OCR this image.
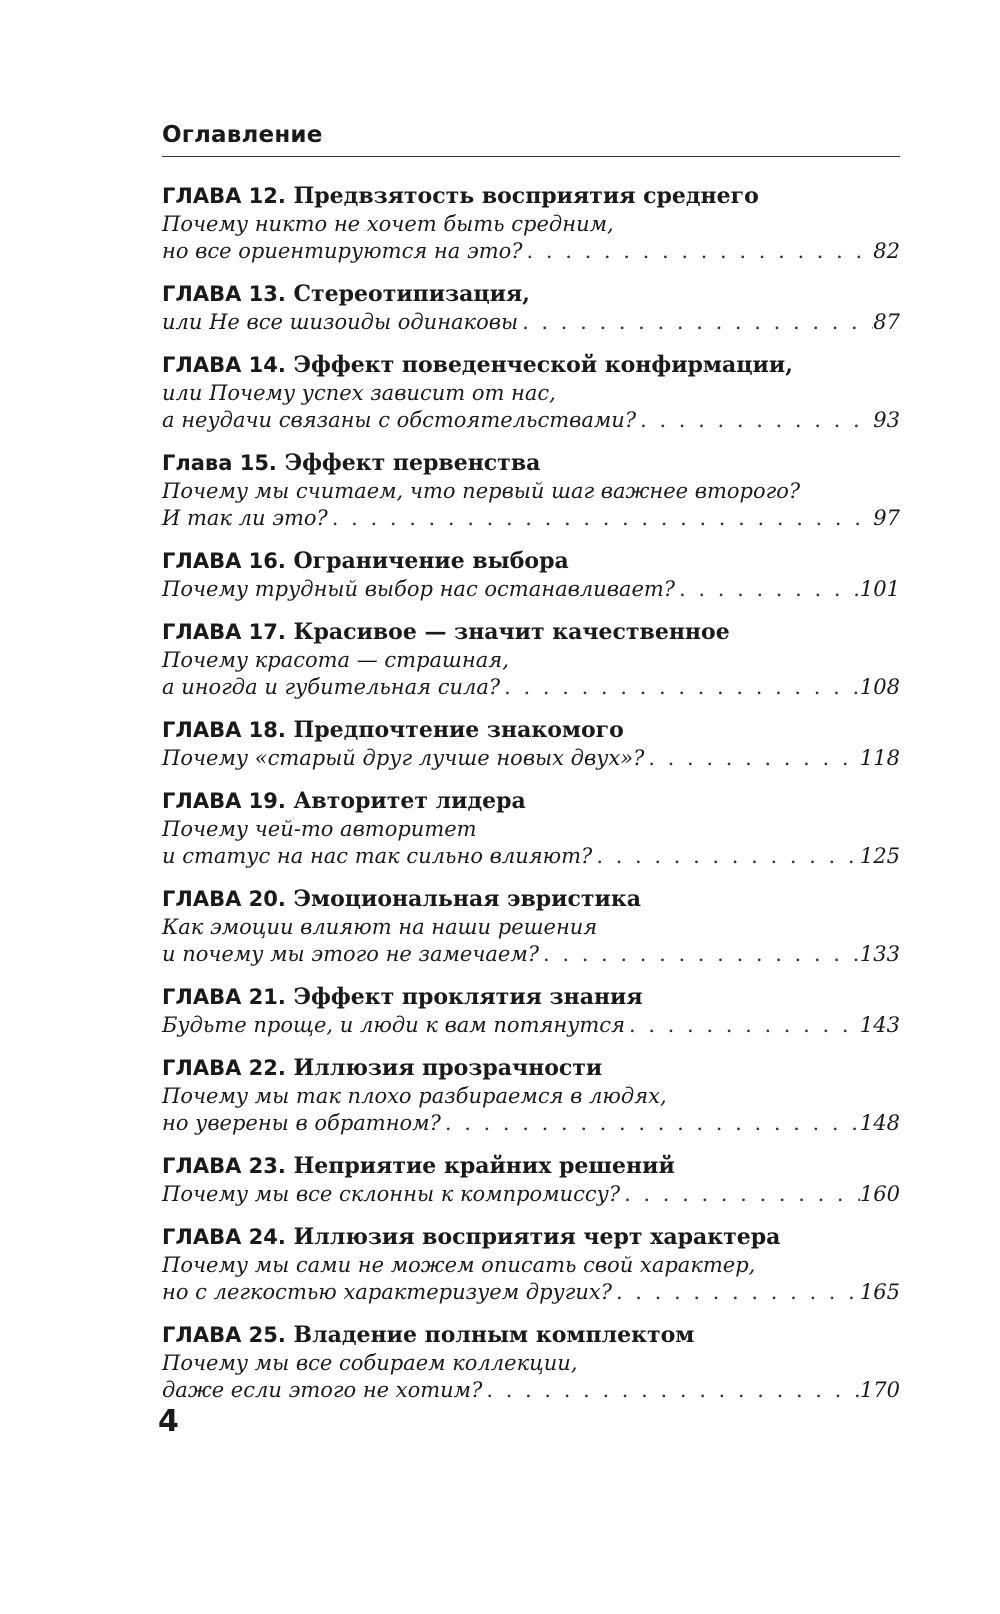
Оглавление
ГЛАВА 12. Предвзятость восприятия среднего
Почему никто не хочет быть средним,
но все ориентируются на это? . . .	82
ГЛАВА 13. Стереотипизация,
или Не все шизоиды одинаковы . . .	87
ГЛАВА 14. Эффект поведенческой конфирмации,
или Почему успех зависит от нас,
а неудачи связаны с обстоятельствами? . . .	93
Глава 15. Эффект первенства
Почему мы считаем, что первый шаг важнее второго?
И так ли это? . . .	97
ГЛАВА 16. Ограничение выбора
Почему трудный выбор нас останавливает? . . .	101
ГЛАВА 17. Красивое — значит качественное
Почему красота — страшная,
а иногда и губительная сила? . . .	108
ГЛАВА 18. Предпочтение знакомого
Почему «старый друг лучше новых двух»? . . .	118
ГЛАВА 19. Авторитет лидера
Почему чей-то авторитет
и статус на нас так сильно влияют? . . .	125
ГЛАВА 20. Эмоциональная эвристика
Как эмоции влияют на наши решения
и почему мы этого не замечаем? . . .	133
ГЛАВА 21. Эффект проклятия знания
Будьте проще, и люди к вам потянутся . . .	143
ГЛАВА 22. Иллюзия прозрачности
Почему мы так плохо разбираемся в людях,
но уверены в обратном? . . .	148
ГЛАВА 23. Неприятие крайних решений
Почему мы все склонны к компромиссу? . . .	160
ГЛАВА 24. Иллюзия восприятия черт характера
Почему мы сами не можем описать свой характер,
но с легкостью характеризуем других? . . .	165
ГЛАВА 25. Владение полным комплектом
Почему мы все собираем коллекции,
даже если этого не хотим? . . .	170
4
